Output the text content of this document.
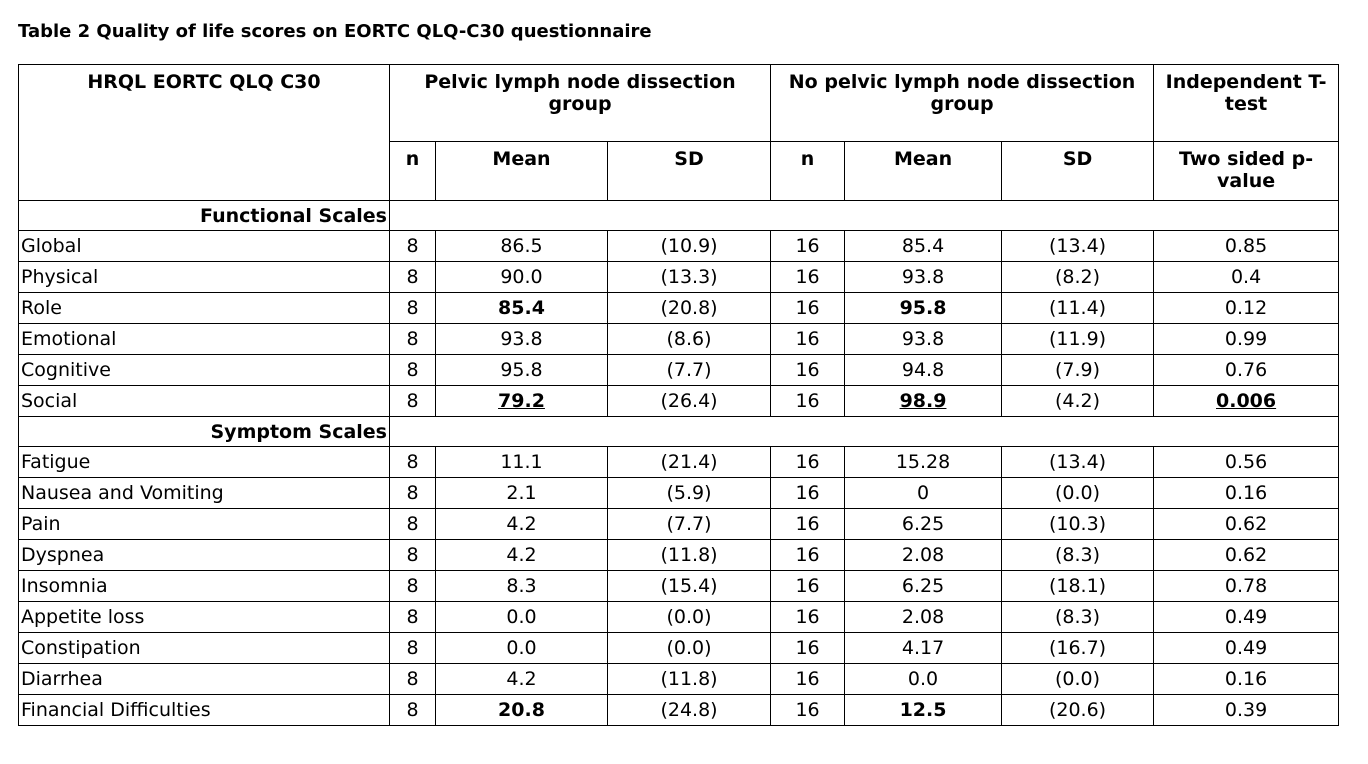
Table 2 Quality of life scores on EORTC QLQ-C30 questionnaire
HRQL EORTC QLQ C30	Pelvic lymph node dissection group			No pelvic lymph node dissection group			Independent T-test
	n	Mean	SD	n	Mean	SD	Two sided p-value
Functional Scales							
Global	8	86.5	(10.9)	16	85.4	(13.4)	0.85
Physical	8	90.0	(13.3)	16	93.8	(8.2)	0.4
Role	8	85.4	(20.8)	16	95.8	(11.4)	0.12
Emotional	8	93.8	(8.6)	16	93.8	(11.9)	0.99
Cognitive	8	95.8	(7.7)	16	94.8	(7.9)	0.76
Social	8	79.2	(26.4)	16	98.9	(4.2)	0.006
Symptom Scales							
Fatigue	8	11.1	(21.4)	16	15.28	(13.4)	0.56
Nausea and Vomiting	8	2.1	(5.9)	16	0	(0.0)	0.16
Pain	8	4.2	(7.7)	16	6.25	(10.3)	0.62
Dyspnea	8	4.2	(11.8)	16	2.08	(8.3)	0.62
Insomnia	8	8.3	(15.4)	16	6.25	(18.1)	0.78
Appetite loss	8	0.0	(0.0)	16	2.08	(8.3)	0.49
Constipation	8	0.0	(0.0)	16	4.17	(16.7)	0.49
Diarrhea	8	4.2	(11.8)	16	0.0	(0.0)	0.16
Financial Difficulties	8	20.8	(24.8)	16	12.5	(20.6)	0.39
